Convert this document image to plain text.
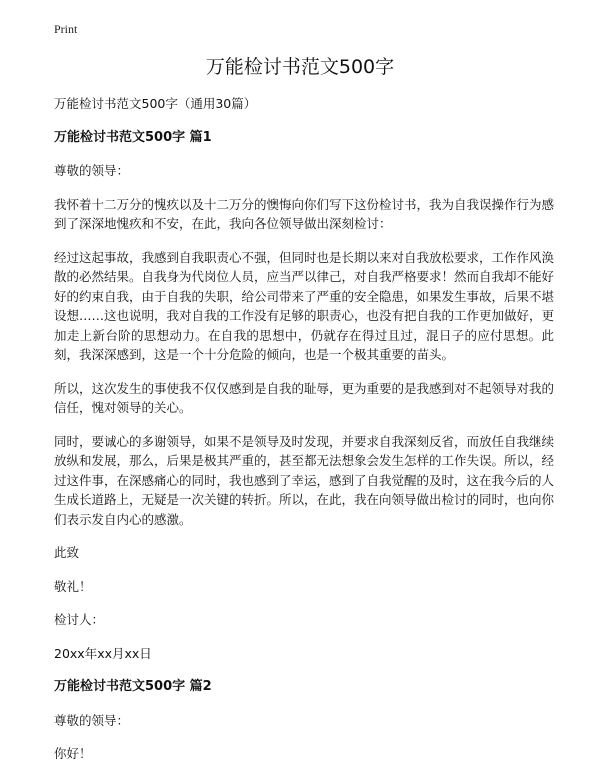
Print
万能检讨书范文500字

万能检讨书范文500字（通用30篇）

万能检讨书范文500字 篇1

尊敬的领导：

我怀着十二万分的愧疚以及十二万分的懊悔向你们写下这份检讨书，我为自我误操作行为感到了深深地愧疚和不安，在此，我向各位领导做出深刻检讨：

经过这起事故，我感到自我职责心不强，但同时也是长期以来对自我放松要求，工作作风涣散的必然结果。自我身为代岗位人员，应当严以律己，对自我严格要求！然而自我却不能好好的约束自我，由于自我的失职，给公司带来了严重的安全隐患，如果发生事故，后果不堪设想……这也说明，我对自我的工作没有足够的职责心，也没有把自我的工作更加做好，更加走上新台阶的思想动力。在自我的思想中，仍就存在得过且过，混日子的应付思想。此刻，我深深感到，这是一个十分危险的倾向，也是一个极其重要的苗头。

所以，这次发生的事使我不仅仅感到是自我的耻辱，更为重要的是我感到对不起领导对我的信任，愧对领导的关心。

同时，要诚心的多谢领导，如果不是领导及时发现，并要求自我深刻反省，而放任自我继续放纵和发展，那么，后果是极其严重的，甚至都无法想象会发生怎样的工作失误。所以，经过这件事，在深感痛心的同时，我也感到了幸运，感到了自我觉醒的及时，这在我今后的人生成长道路上，无疑是一次关键的转折。所以，在此，我在向领导做出检讨的同时，也向你们表示发自内心的感激。

此致

敬礼！

检讨人：

20xx年xx月xx日

万能检讨书范文500字 篇2

尊敬的领导：

你好！
